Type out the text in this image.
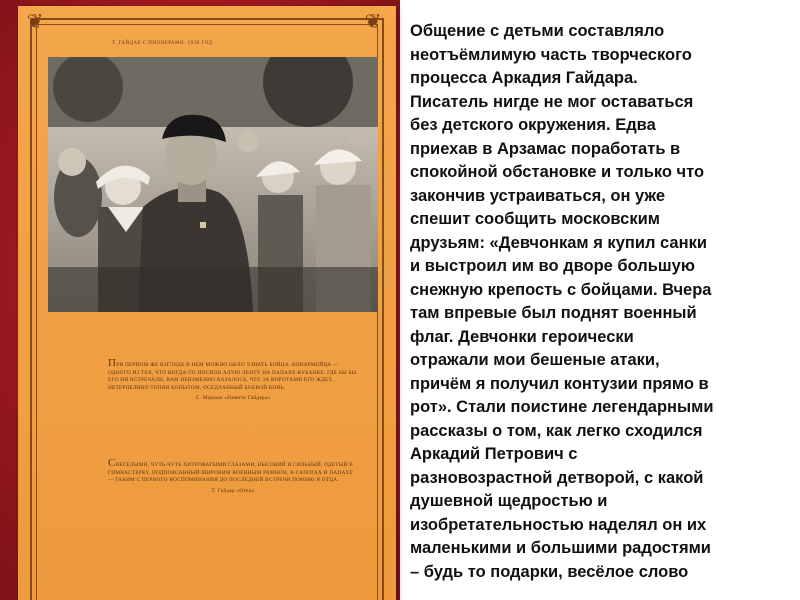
❦	❦
Т. ГАЙДАР С ПИОНЕРАМИ. 1938 ГОД
ПРИ ПЕРВОМ ЖЕ ВЗГЛЯДЕ В НЕМ МОЖНО БЫЛО УЗНАТЬ БОЙЦА, КОНАРМЕЙЦА — ОДНОГО ИЗ ТЕХ, ЧТО КОГДА-ТО НОСИЛИ АЛУЮ ЛЕНТУ НА ПАПАХЕ-КУБАНКЕ. ГДЕ БЫ БЫ ЕГО НИ ВСТРЕЧАЛИ, ВАМ НЕИЗМЕННО КАЗАЛОСЬ, ЧТО ЗА ВОРОТАМИ ЕГО ЖДЕТ, НЕТЕРПЕЛИВО ТОПЯЯ КОПЫТОМ, ОСЕДЛАННЫЙ БОЕВОЙ КОНЬ.
С. Маршак «Памяти Гайдара»
СВЕСЕЛЫМИ, ЧУТЬ-ЧУТЬ ХИТРОВАТЫМИ ГЛАЗАМИ, ВЫСОКИЙ И СИЛЬНЫЙ, ОДЕТЫЙ В ГИМНАСТЕРКУ, ПОДПОЯСАННЫЙ ШИРОКИМ ВОЕННЫМ РЕМНЕМ, В САПОГАХ И ПАПАХЕ — ТАКИМ С ПЕРВОГО ВОСПОМИНАНИЯ ДО ПОСЛЕДНЕЙ ВСТРЕЧИ ПОМНЮ Я ОТЦА.
Т. Гайдар «Отец»
Общение с детьми составляло
неотъёмлимую часть творческого
процесса Аркадия Гайдара.
Писатель нигде не мог оставаться
без детского окружения. Едва
приехав в Арзамас поработать в
спокойной обстановке и только что
закончив устраиваться, он уже
спешит сообщить московским
друзьям: «Девчонкам я купил санки
и выстроил им во дворе большую
снежную крепость с бойцами. Вчера
там впревые был поднят военный
флаг. Девчонки героически
отражали мои бешеные атаки,
причём я получил контузии прямо в
рот». Стали поистине легендарными
рассказы о том, как легко сходился
Аркадий Петрович с
разновозрастной детворой, с какой
душевной щедростью и
изобретательностью наделял он их
маленькими и большими радостями
– будь то подарки, весёлое слово
